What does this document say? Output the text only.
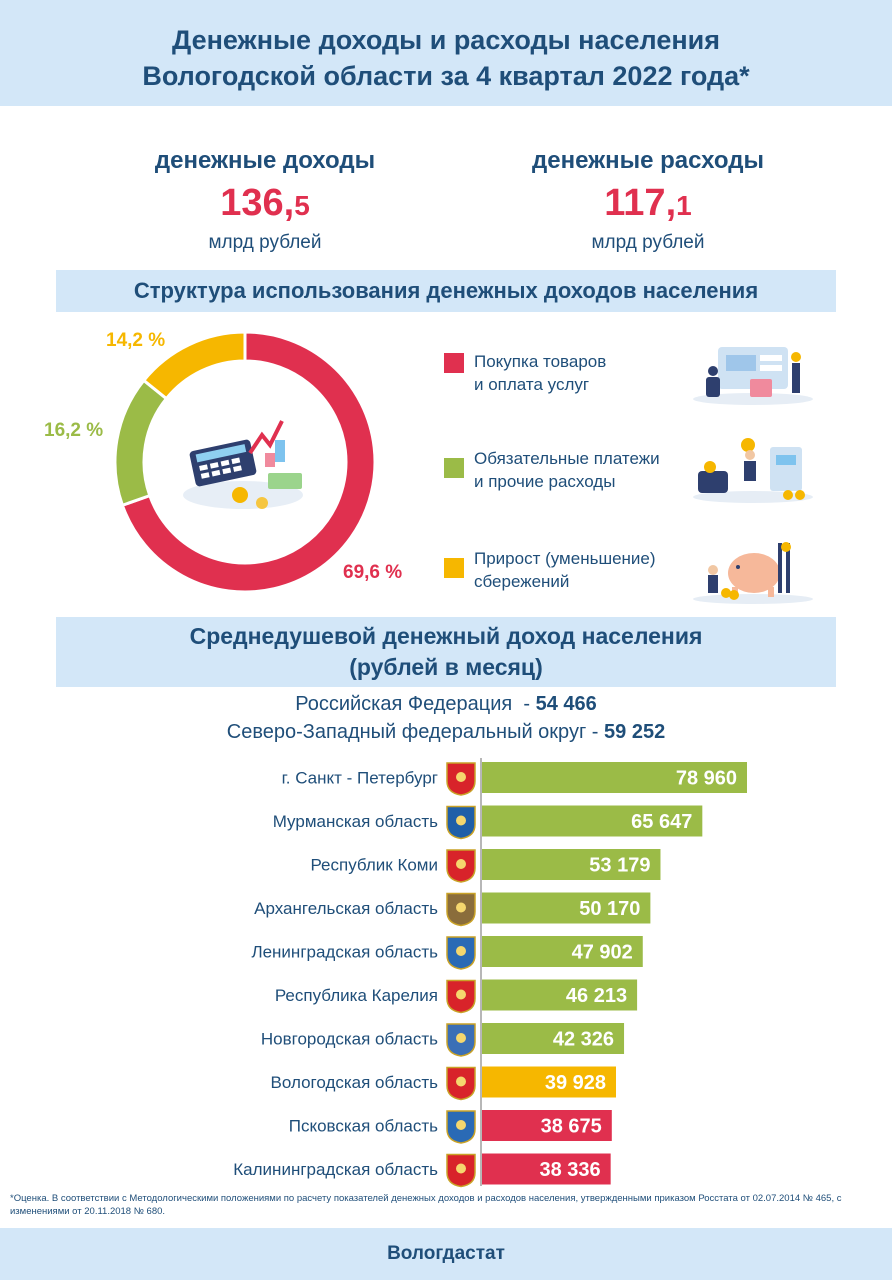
Денежные доходы и расходы населения
Вологодской области за 4 квартал 2022 года*
денежные доходы
136,5
млрд рублей
денежные расходы
117,1
млрд рублей
Структура использования денежных доходов населения
69,6 %
16,2 %
14,2 %
Покупка товаров
и оплата услуг
Обязательные платежи
и прочие расходы
Прирост (уменьшение)
сбережений
Среднедушевой денежный доход населения
(рублей в месяц)
Российская Федерация  - 54 466
Северо-Западный федеральный округ - 59 252
г. Санкт - Петербург	78 960
Мурманская область	65 647
Республик Коми	53 179
Архангельская область	50 170
Ленинградская область	47 902
Республика Карелия	46 213
Новгородская область	42 326
Вологодская область	39 928
Псковская область	38 675
Калининградская область	38 336
*Оценка. В соответствии с Методологическими положениями по расчету показателей денежных доходов и расходов населения, утвержденными приказом Росстата от 02.07.2014 № 465, с изменениями от 20.11.2018 № 680.
Вологдастат
